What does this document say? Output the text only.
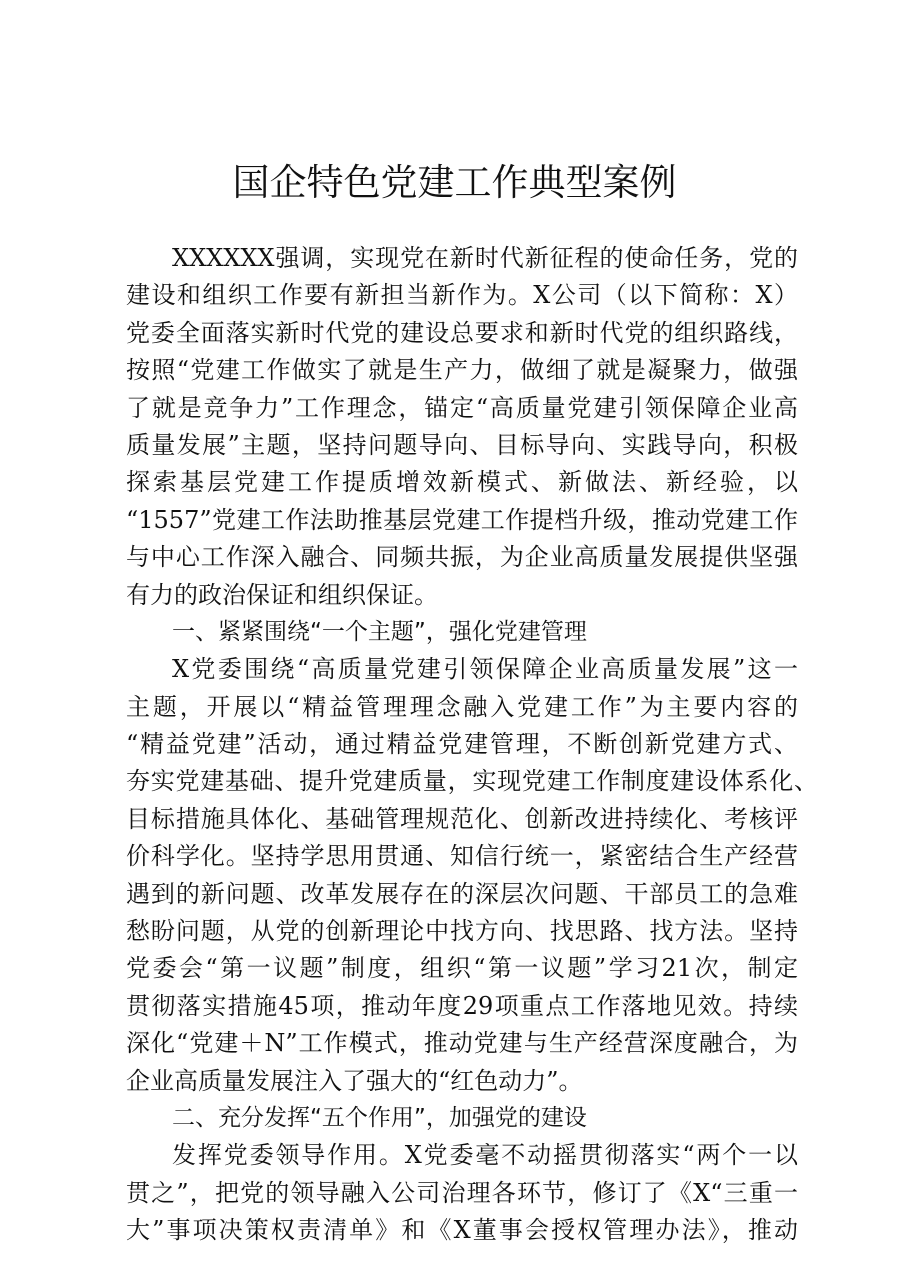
国企特色党建工作典型案例
XXXXXX强调，实现党在新时代新征程的使命任务，党的
建设和组织工作要有新担当新作为。X公司（以下简称：X）
党委全面落实新时代党的建设总要求和新时代党的组织路线，
按照“党建工作做实了就是生产力，做细了就是凝聚力，做强
了就是竞争力”工作理念，锚定“高质量党建引领保障企业高
质量发展”主题，坚持问题导向、目标导向、实践导向，积极
探索基层党建工作提质增效新模式、新做法、新经验，以
“1557”党建工作法助推基层党建工作提档升级，推动党建工作
与中心工作深入融合、同频共振，为企业高质量发展提供坚强
有力的政治保证和组织保证。
一、紧紧围绕“一个主题”，强化党建管理
X党委围绕“高质量党建引领保障企业高质量发展”这一
主题，开展以“精益管理理念融入党建工作”为主要内容的
“精益党建”活动，通过精益党建管理，不断创新党建方式、
夯实党建基础、提升党建质量，实现党建工作制度建设体系化、
目标措施具体化、基础管理规范化、创新改进持续化、考核评
价科学化。坚持学思用贯通、知信行统一，紧密结合生产经营
遇到的新问题、改革发展存在的深层次问题、干部员工的急难
愁盼问题，从党的创新理论中找方向、找思路、找方法。坚持
党委会“第一议题”制度，组织“第一议题”学习21次，制定
贯彻落实措施45项，推动年度29项重点工作落地见效。持续
深化“党建＋N”工作模式，推动党建与生产经营深度融合，为
企业高质量发展注入了强大的“红色动力”。
二、充分发挥“五个作用”，加强党的建设
发挥党委领导作用。X党委毫不动摇贯彻落实“两个一以
贯之”，把党的领导融入公司治理各环节，修订了《X“三重一
大”事项决策权责清单》和《X董事会授权管理办法》，推动
